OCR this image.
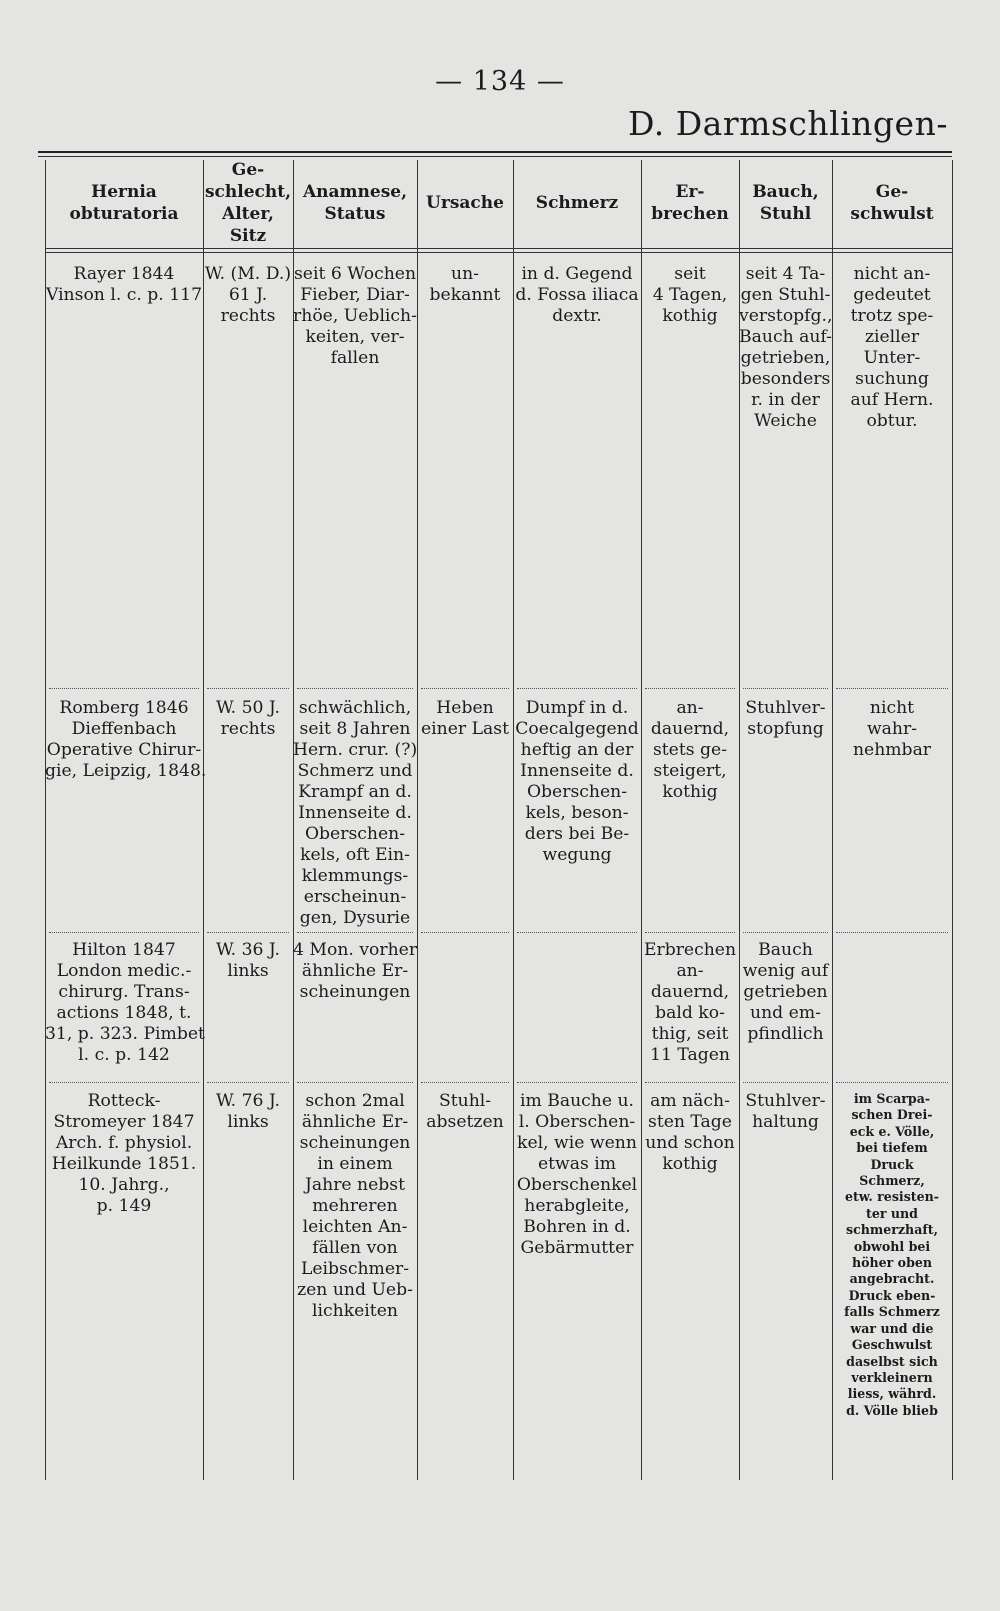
— 134 —
D. Darmschlingen-
Hernia
obturatoria
Ge-
schlecht,
Alter,
Sitz
Anamnese,
Status
Ursache Schmerz
Er-
brechen
Bauch,
Stuhl
Ge-
schwulst
Rayer 1844
Vinson l. c. p. 117
W. (M. D.)
61 J.
rechts
seit 6 Wochen
Fieber, Diar-
rhöe, Ueblich-
keiten, ver-
fallen
un-
bekannt
in d. Gegend
d. Fossa iliaca
dextr.
seit
4 Tagen,
kothig
seit 4 Ta-
gen Stuhl-
verstopfg.,
Bauch auf-
getrieben,
besonders
r. in der
Weiche
nicht an-
gedeutet
trotz spe-
zieller
Unter-
suchung
auf Hern.
obtur.
Romberg 1846
Dieffenbach
Operative Chirur-
gie, Leipzig, 1848.
W. 50 J.
rechts
schwächlich,
seit 8 Jahren
Hern. crur. (?)
Schmerz und
Krampf an d.
Innenseite d.
Oberschen-
kels, oft Ein-
klemmungs-
erscheinun-
gen, Dysurie
Heben
einer Last
Dumpf in d.
Coecalgegend
heftig an der
Innenseite d.
Oberschen-
kels, beson-
ders bei Be-
wegung
an-
dauernd,
stets ge-
steigert,
kothig
Stuhlver-
stopfung
nicht
wahr-
nehmbar
Hilton 1847
London medic.-
chirurg. Trans-
actions 1848, t.
31, p. 323. Pimbet
l. c. p. 142
W. 36 J.
links
4 Mon. vorher
ähnliche Er-
scheinungen
Erbrechen
an-
dauernd,
bald ko-
thig, seit
11 Tagen
Bauch
wenig auf
getrieben
und em-
pfindlich
Rotteck-
Stromeyer 1847
Arch. f. physiol.
Heilkunde 1851.
10. Jahrg.,
p. 149
W. 76 J.
links
schon 2mal
ähnliche Er-
scheinungen
in einem
Jahre nebst
mehreren
leichten An-
fällen von
Leibschmer-
zen und Ueb-
lichkeiten
Stuhl-
absetzen
im Bauche u.
l. Oberschen-
kel, wie wenn
etwas im
Oberschenkel
herabgleite,
Bohren in d.
Gebärmutter
am näch-
sten Tage
und schon
kothig
Stuhlver-
haltung
im Scarpa-
schen Drei-
eck e. Völle,
bei tiefem
Druck
Schmerz,
etw. resisten-
ter und
schmerzhaft,
obwohl bei
höher oben
angebracht.
Druck eben-
falls Schmerz
war und die
Geschwulst
daselbst sich
verkleinern
liess, währd.
d. Völle blieb
